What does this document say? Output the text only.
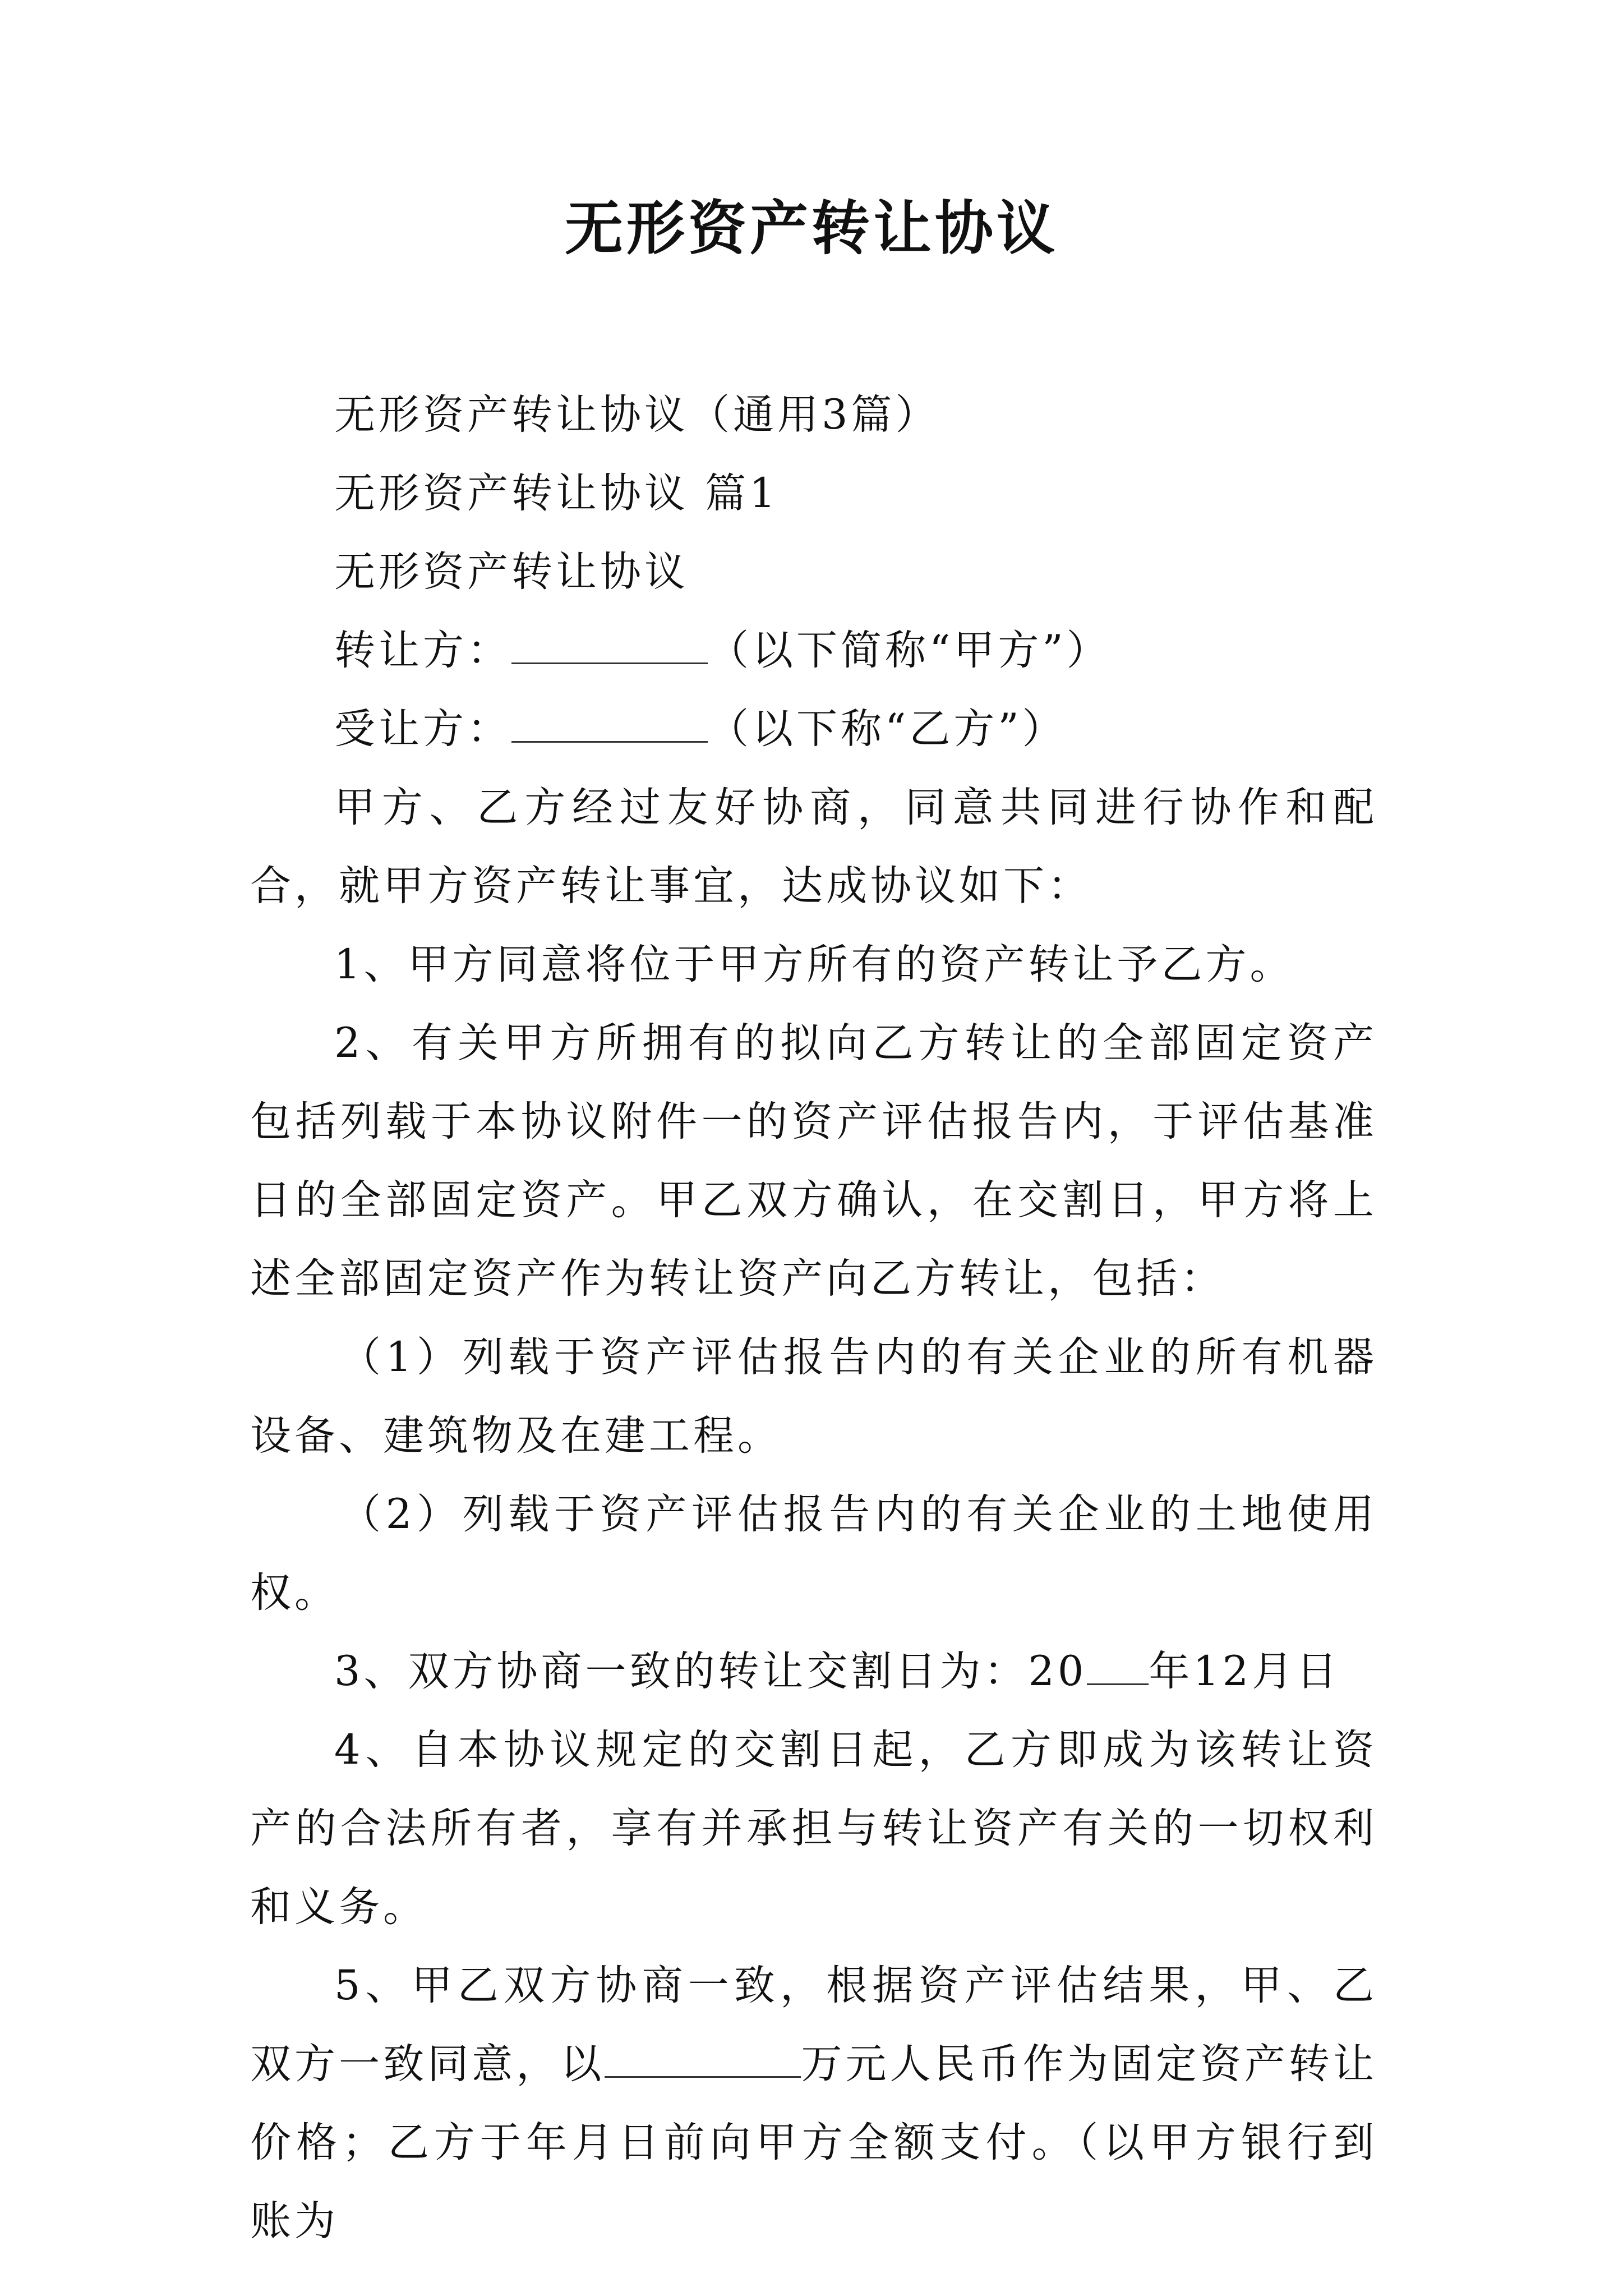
无形资产转让协议

无形资产转让协议（通用3篇）

无形资产转让协议 篇1

无形资产转让协议

转让方：	（以下简称“甲方”）

受让方：	（以下称“乙方”）

甲方、乙方经过友好协商，同意共同进行协作和配合，就甲方资产转让事宜，达成协议如下：

1、甲方同意将位于甲方所有的资产转让予乙方。

2、有关甲方所拥有的拟向乙方转让的全部固定资产包括列载于本协议附件一的资产评估报告内，于评估基准日的全部固定资产。甲乙双方确认，在交割日，甲方将上述全部固定资产作为转让资产向乙方转让，包括：

（1）列载于资产评估报告内的有关企业的所有机器设备、建筑物及在建工程。

（2）列载于资产评估报告内的有关企业的土地使用权。

3、双方协商一致的转让交割日为：20 年12月日

4、自本协议规定的交割日起，乙方即成为该转让资产的合法所有者，享有并承担与转让资产有关的一切权利和义务。

5、甲乙双方协商一致，根据资产评估结果，甲、乙双方一致同意，以	万元人民币作为固定资产转让价格；乙方于年月日前向甲方全额支付。（以甲方银行到账为
